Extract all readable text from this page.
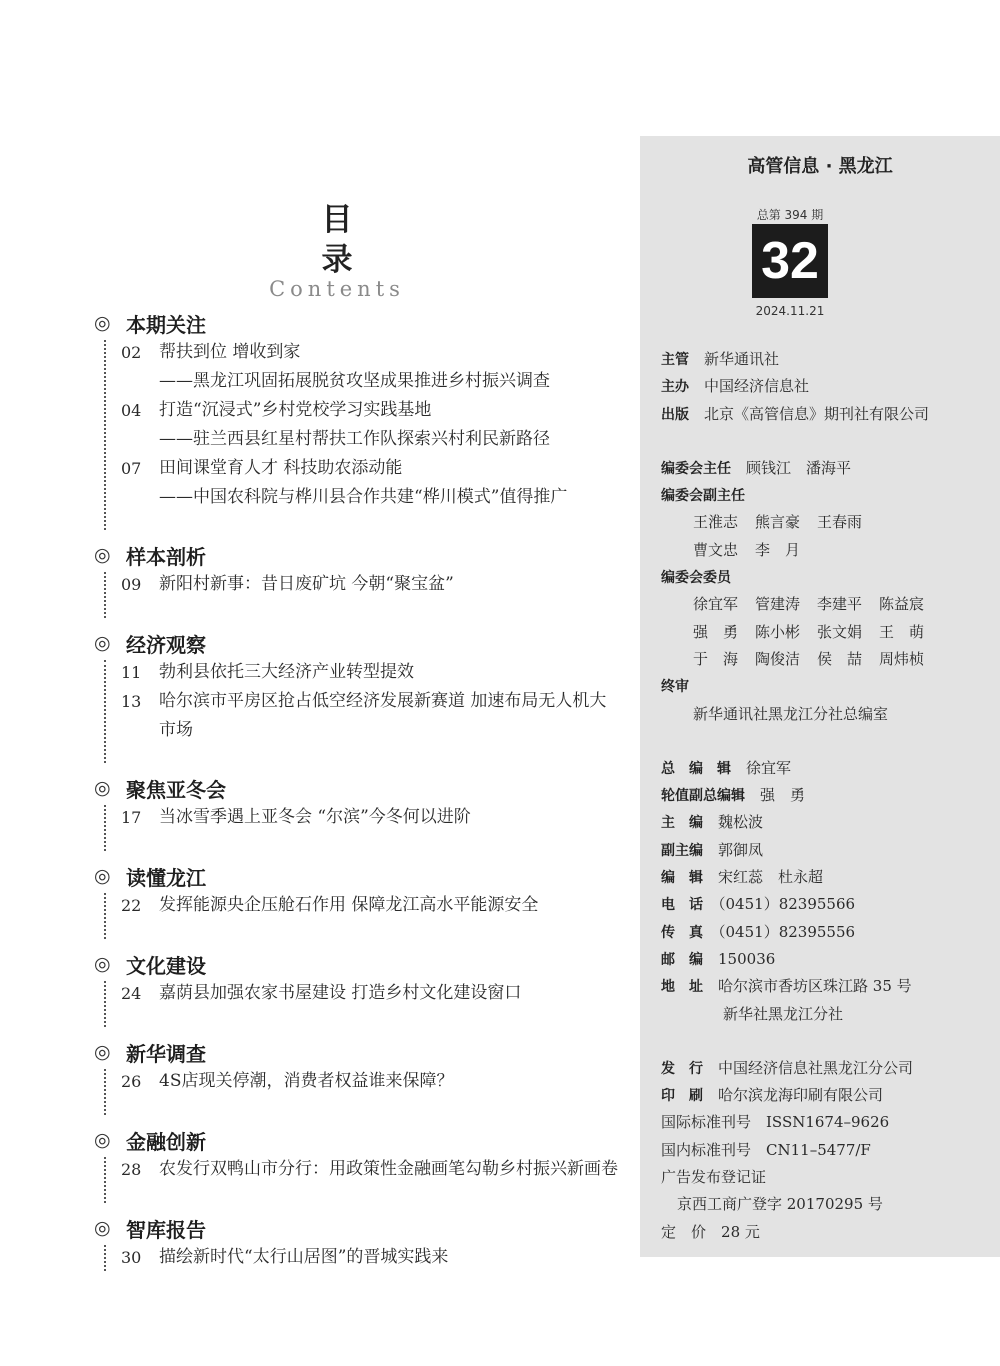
目录
Contents
◎ 本期关注
02	帮扶到位 增收到家
——黑龙江巩固拓展脱贫攻坚成果推进乡村振兴调查
04	打造“沉浸式”乡村党校学习实践基地
——驻兰西县红星村帮扶工作队探索兴村利民新路径
07	田间课堂育人才 科技助农添动能
——中国农科院与桦川县合作共建“桦川模式”值得推广
◎ 样本剖析
09	新阳村新事：昔日废矿坑 今朝“聚宝盆”
◎ 经济观察
11	勃利县依托三大经济产业转型提效
13	哈尔滨市平房区抢占低空经济发展新赛道 加速布局无人机大
市场
◎ 聚焦亚冬会
17	当冰雪季遇上亚冬会 “尔滨”今冬何以进阶
◎ 读懂龙江
22	发挥能源央企压舱石作用 保障龙江高水平能源安全
◎ 文化建设
24	嘉荫县加强农家书屋建设 打造乡村文化建设窗口
◎ 新华调查
26	4S店现关停潮，消费者权益谁来保障？
◎ 金融创新
28	农发行双鸭山市分行：用政策性金融画笔勾勒乡村振兴新画卷
◎ 智库报告
30	描绘新时代“太行山居图”的晋城实践来
高管信息 · 黑龙江
总第 394 期
32
2024.11.21
主管　 新华通讯社
主办　 中国经济信息社
出版　 北京《高管信息》期刊社有限公司
编委会主任　 顾钱江　潘海平
编委会副主任
王淮志 熊言豪 王春雨
曹文忠 李　月
编委会委员
徐宜军 管建涛 李建平 陈益宸
强　勇 陈小彬 张文娟 王　萌
于　海 陶俊洁 侯　喆 周炜桢
终审
新华通讯社黑龙江分社总编室
总　编　辑　 徐宜军
轮值副总编辑　 强　勇
主　编　 魏松波
副主编　 郭御凤
编　辑　 宋红蕊　杜永超
电　话　 （0451）82395566
传　真　 （0451）82395556
邮　编　 150036
地　址　 哈尔滨市香坊区珠江路 35 号
新华社黑龙江分社
发　行　 中国经济信息社黑龙江分公司
印　刷　 哈尔滨龙海印刷有限公司
国际标准刊号　ISSN1674–9626
国内标准刊号　CN11–5477/F
广告发布登记证
京西工商广登字 20170295 号
定　价　 28 元
